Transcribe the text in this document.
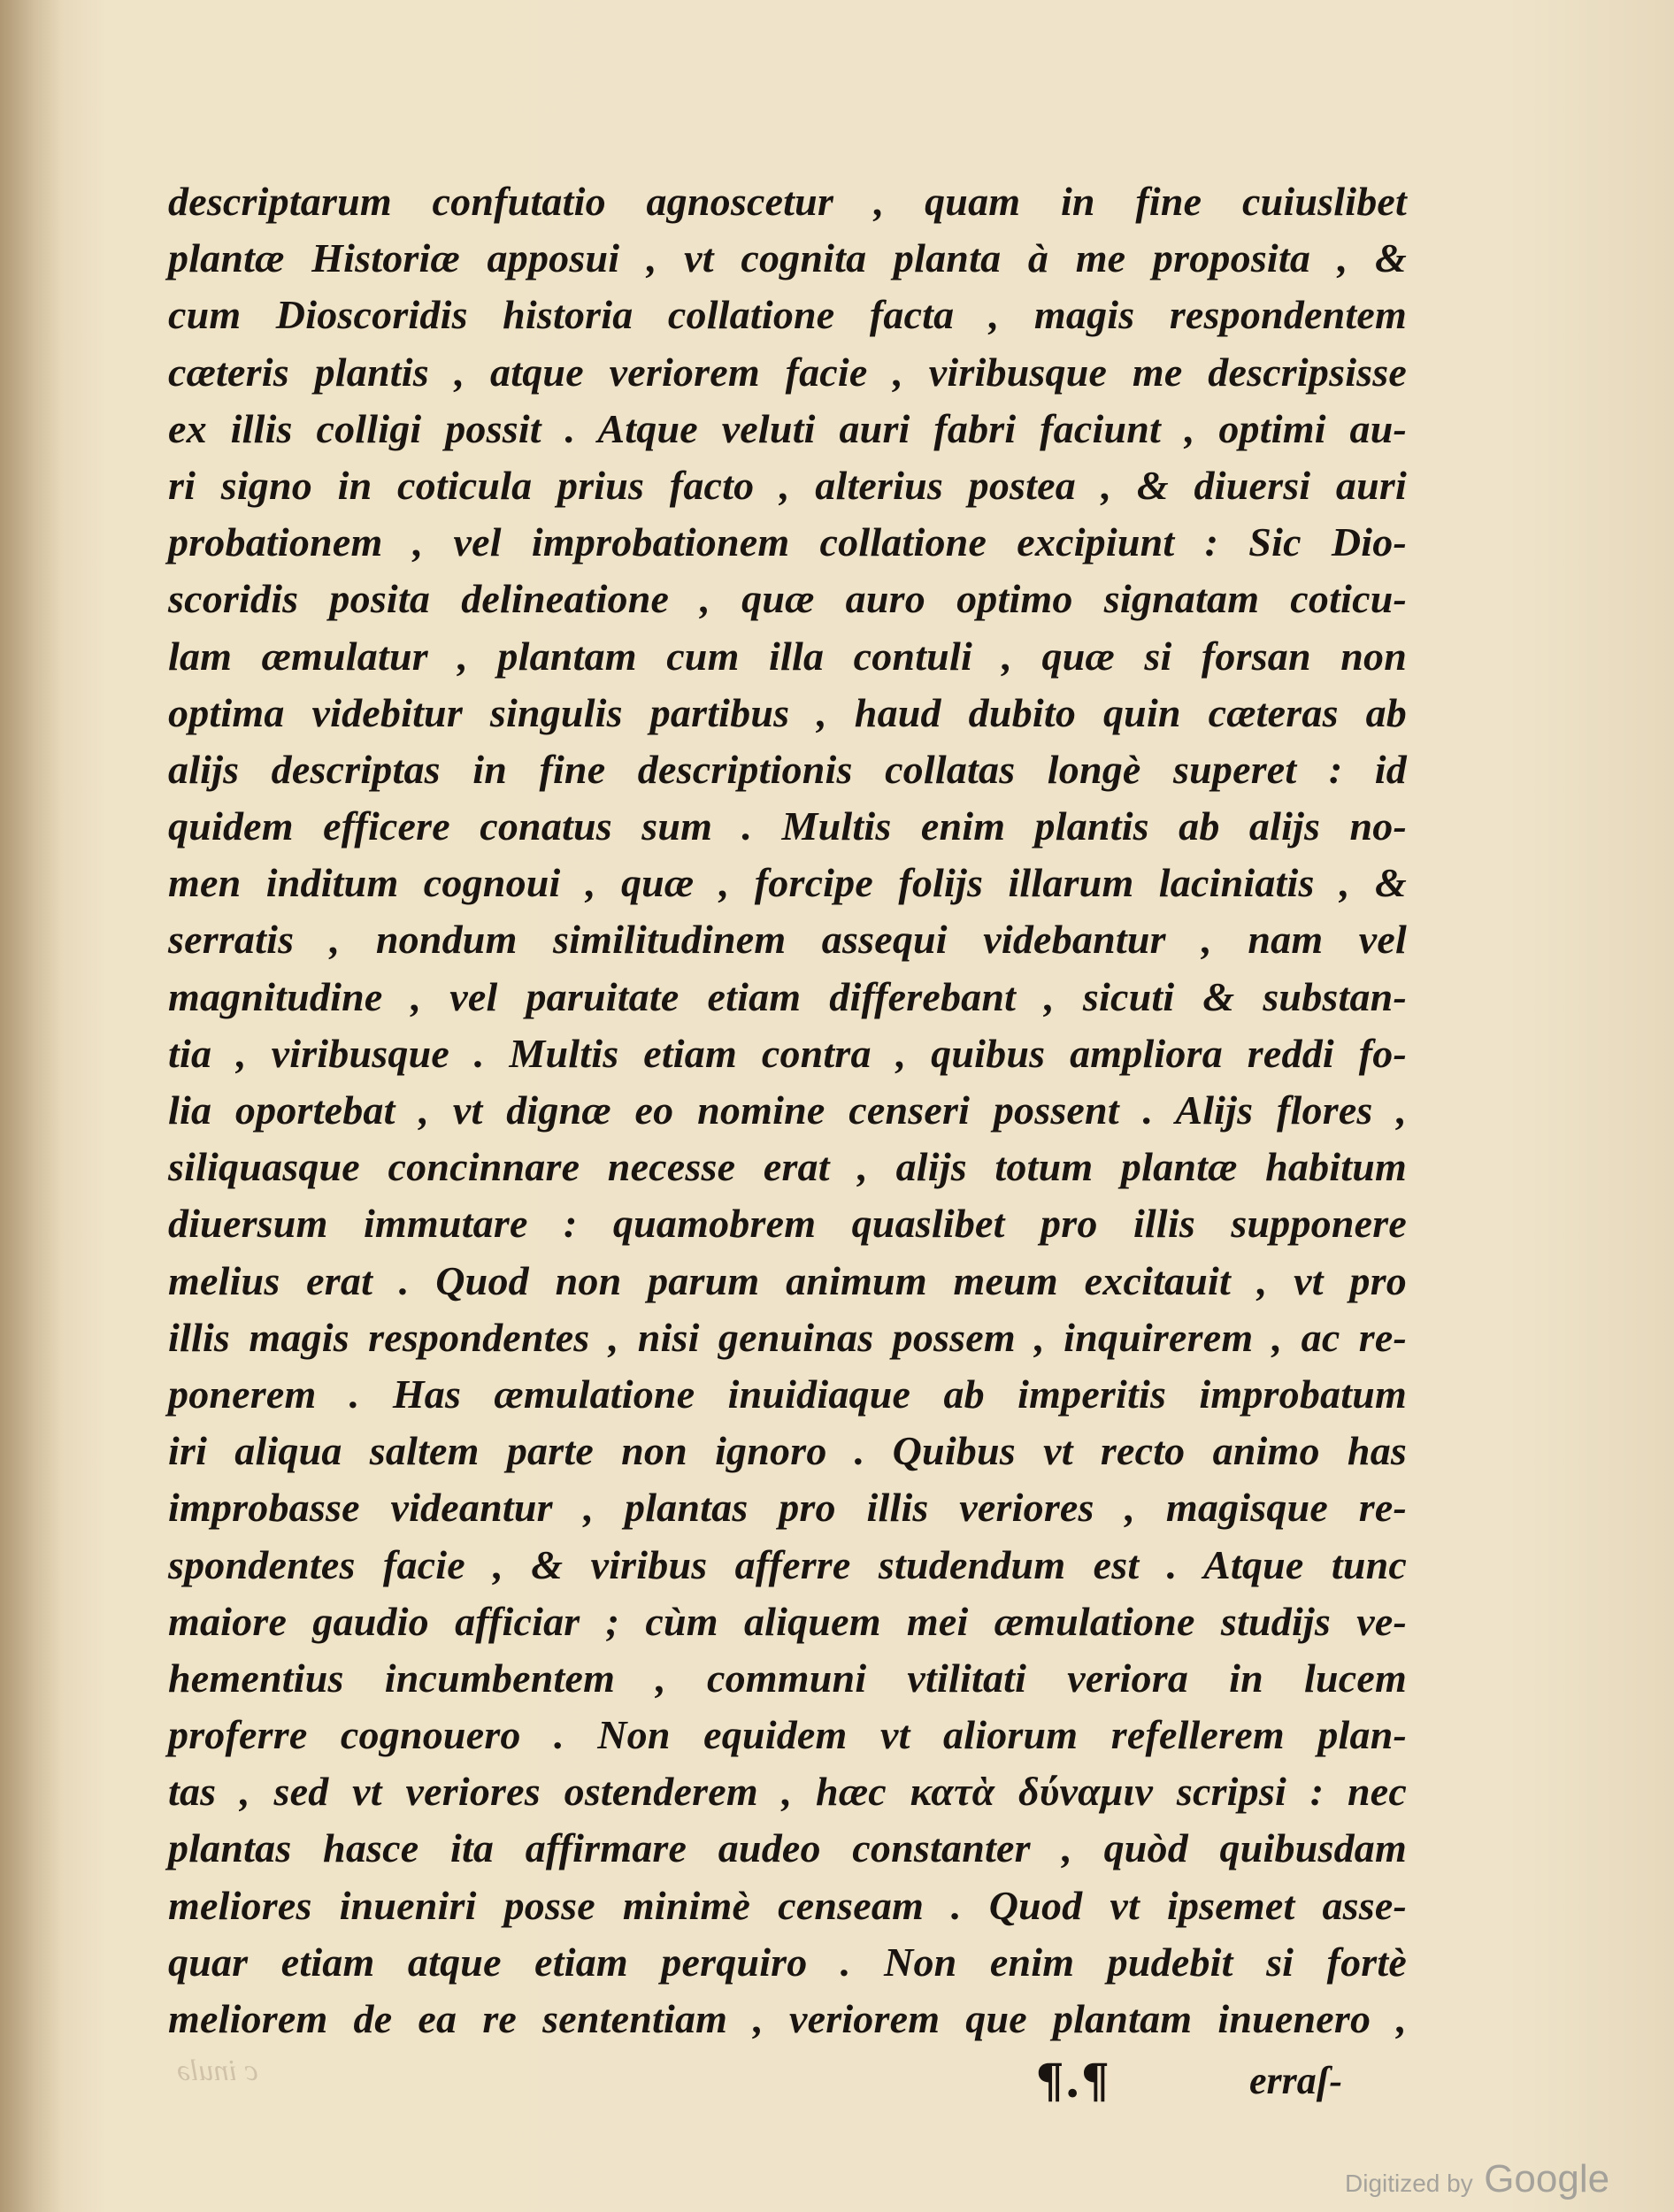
descriptarum confutatio agnoscetur , quam in fine cuiuslibet
plantæ Historiæ apposui , vt cognita planta à me proposita , &
cum Dioscoridis historia collatione facta , magis respondentem
cæteris plantis , atque veriorem facie , viribusque me descripsisse
ex illis colligi possit . Atque veluti auri fabri faciunt , optimi au-
ri signo in coticula prius facto , alterius postea , & diuersi auri
probationem , vel improbationem collatione excipiunt : Sic Dio-
scoridis posita delineatione , quæ auro optimo signatam coticu-
lam æmulatur , plantam cum illa contuli , quæ si forsan non
optima videbitur singulis partibus , haud dubito quin cæteras ab
alijs descriptas in fine descriptionis collatas longè superet : id
quidem efficere conatus sum . Multis enim plantis ab alijs no-
men inditum cognoui , quæ , forcipe folijs illarum laciniatis , &
serratis , nondum similitudinem assequi videbantur , nam vel
magnitudine , vel paruitate etiam differebant , sicuti & substan-
tia , viribusque . Multis etiam contra , quibus ampliora reddi fo-
lia oportebat , vt dignæ eo nomine censeri possent . Alijs flores ,
siliquasque concinnare necesse erat , alijs totum plantæ habitum
diuersum immutare : quamobrem quaslibet pro illis supponere
melius erat . Quod non parum animum meum excitauit , vt pro
illis magis respondentes , nisi genuinas possem , inquirerem , ac re-
ponerem . Has æmulatione inuidiaque ab imperitis improbatum
iri aliqua saltem parte non ignoro . Quibus vt recto animo has
improbasse videantur , plantas pro illis veriores , magisque re-
spondentes facie , & viribus afferre studendum est . Atque tunc
maiore gaudio afficiar ; cùm aliquem mei æmulatione studijs ve-
hementius incumbentem , communi vtilitati veriora in lucem
proferre cognouero . Non equidem vt aliorum refellerem plan-
tas , sed vt veriores ostenderem , hæc κατὰ δύναμιν scripsi : nec
plantas hasce ita affirmare audeo constanter , quòd quibusdam
meliores inueniri posse minimè censeam . Quod vt ipsemet asse-
quar etiam atque etiam perquiro . Non enim pudebit si fortè
meliorem de ea re sententiam , veriorem que plantam inuenero ,
c inulǝ	¶.¶	erraſ-
Digitized by Google
